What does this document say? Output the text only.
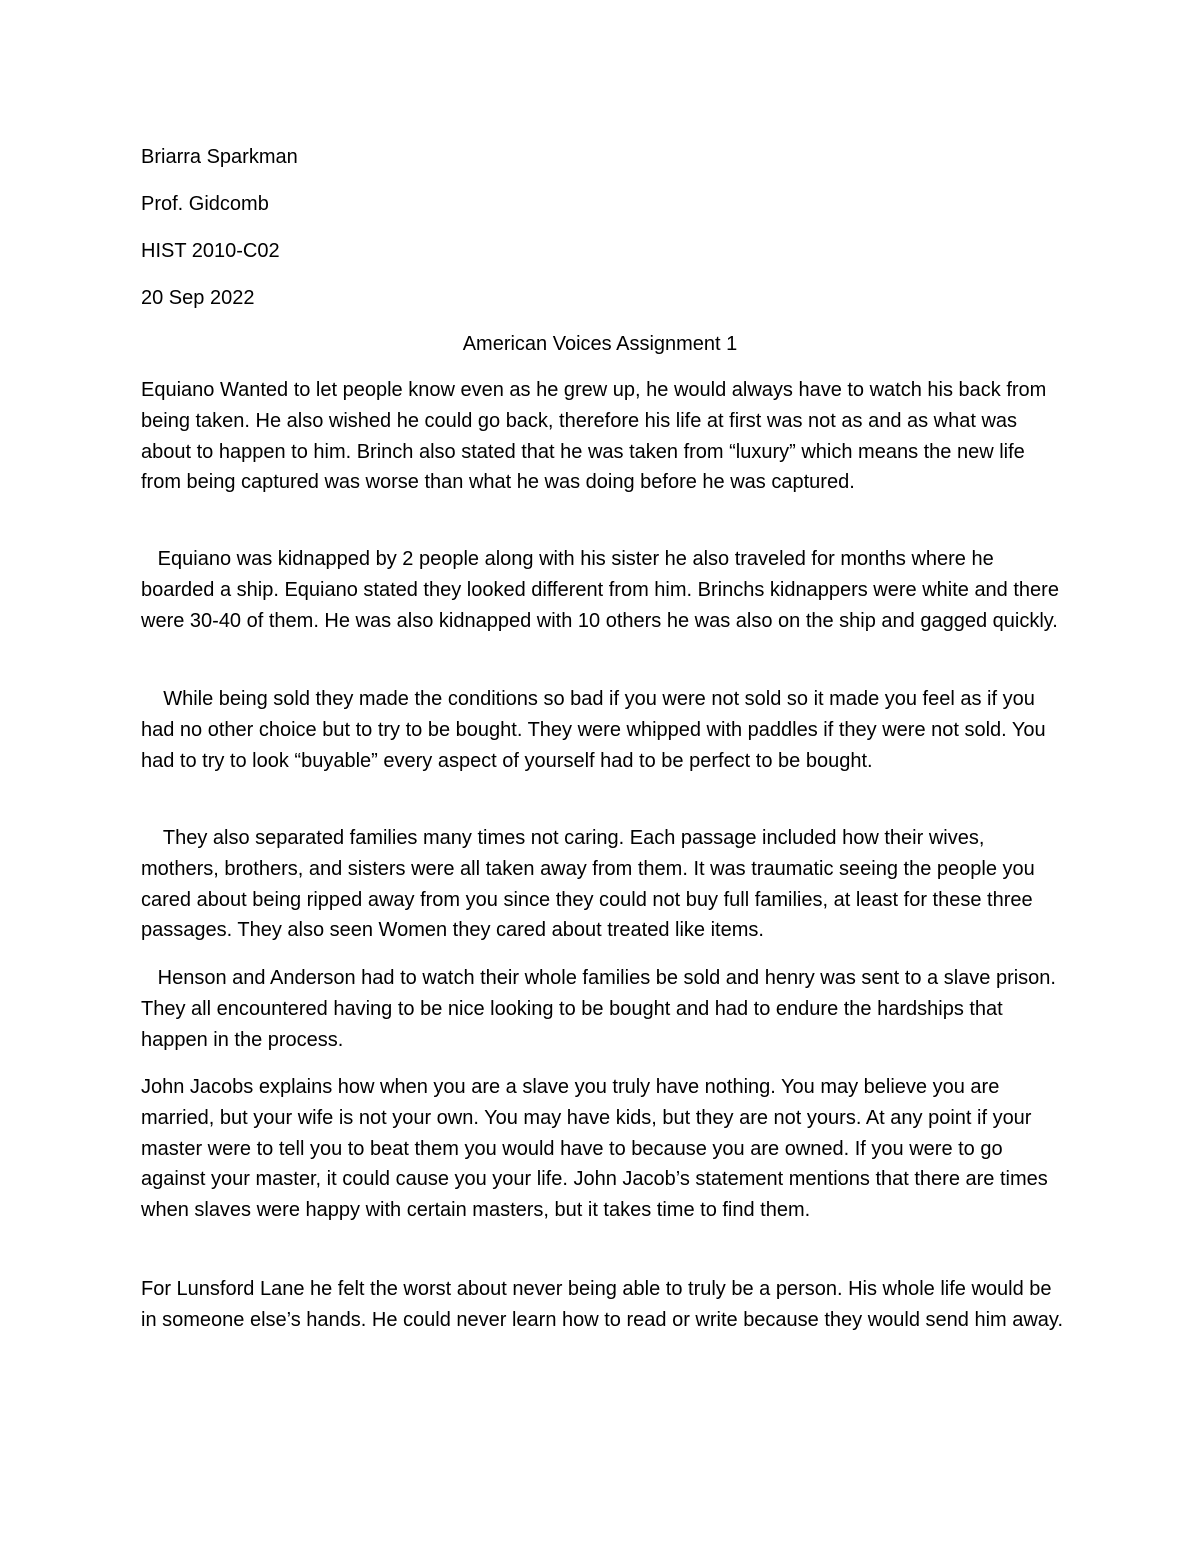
Briarra Sparkman
Prof. Gidcomb
HIST 2010-C02
20 Sep 2022
American Voices Assignment 1

Equiano Wanted to let people know even as he grew up, he would always have to watch his back from being taken. He also wished he could go back, therefore his life at first was not as and as what was about to happen to him. Brinch also stated that he was taken from “luxury” which means the new life from being captured was worse than what he was doing before he was captured.

Equiano was kidnapped by 2 people along with his sister he also traveled for months where he boarded a ship. Equiano stated they looked different from him. Brinchs kidnappers were white and there were 30-40 of them. He was also kidnapped with 10 others he was also on the ship and gagged quickly.

While being sold they made the conditions so bad if you were not sold so it made you feel as if you had no other choice but to try to be bought. They were whipped with paddles if they were not sold. You had to try to look “buyable” every aspect of yourself had to be perfect to be bought.

They also separated families many times not caring. Each passage included how their wives, mothers, brothers, and sisters were all taken away from them. It was traumatic seeing the people you cared about being ripped away from you since they could not buy full families, at least for these three passages. They also seen Women they cared about treated like items.

Henson and Anderson had to watch their whole families be sold and henry was sent to a slave prison. They all encountered having to be nice looking to be bought and had to endure the hardships that happen in the process.

John Jacobs explains how when you are a slave you truly have nothing. You may believe you are married, but your wife is not your own. You may have kids, but they are not yours. At any point if your master were to tell you to beat them you would have to because you are owned. If you were to go against your master, it could cause you your life. John Jacob’s statement mentions that there are times when slaves were happy with certain masters, but it takes time to find them.

For Lunsford Lane he felt the worst about never being able to truly be a person. His whole life would be in someone else’s hands. He could never learn how to read or write because they would send him away.
